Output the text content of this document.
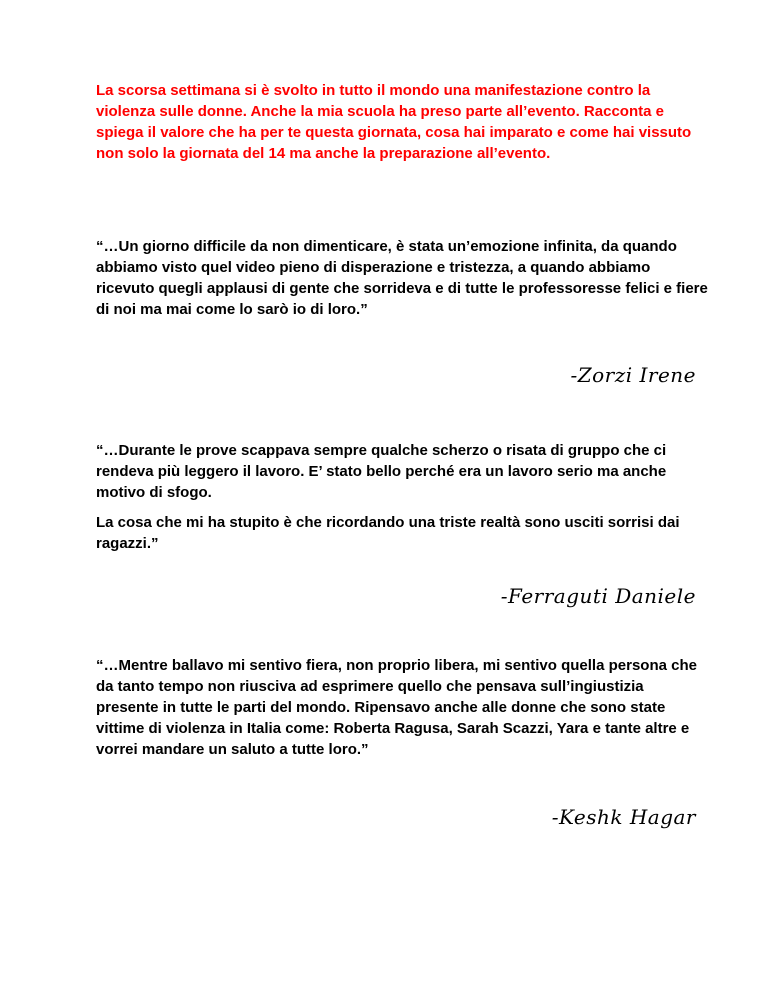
La scorsa settimana si è svolto in tutto il mondo una manifestazione contro la violenza sulle donne. Anche la mia scuola ha preso parte all’evento. Racconta e spiega il valore che ha per te questa giornata, cosa hai imparato e come hai vissuto non solo la giornata del 14 ma anche la preparazione all’evento.

“…Un giorno difficile da non dimenticare, è stata un’emozione infinita, da quando abbiamo visto quel video pieno di disperazione e tristezza, a quando abbiamo ricevuto quegli applausi di gente che sorrideva e di tutte le professoresse felici e fiere di noi ma mai come lo sarò io di loro.”

-Zorzi Irene

“…Durante le prove scappava sempre qualche scherzo o risata di gruppo che ci rendeva più leggero il lavoro. E’ stato bello perché era un lavoro serio ma anche motivo di sfogo.

La cosa che mi ha stupito è che ricordando una triste realtà sono usciti sorrisi dai ragazzi.”

-Ferraguti Daniele

“…Mentre ballavo mi sentivo fiera, non proprio libera, mi sentivo quella persona che da tanto tempo non riusciva ad esprimere quello che pensava sull’ingiustizia presente in tutte le parti del mondo. Ripensavo anche alle donne che sono state vittime di violenza in Italia come: Roberta Ragusa, Sarah Scazzi, Yara e tante altre e vorrei mandare un saluto a tutte loro.”

-Keshk Hagar
